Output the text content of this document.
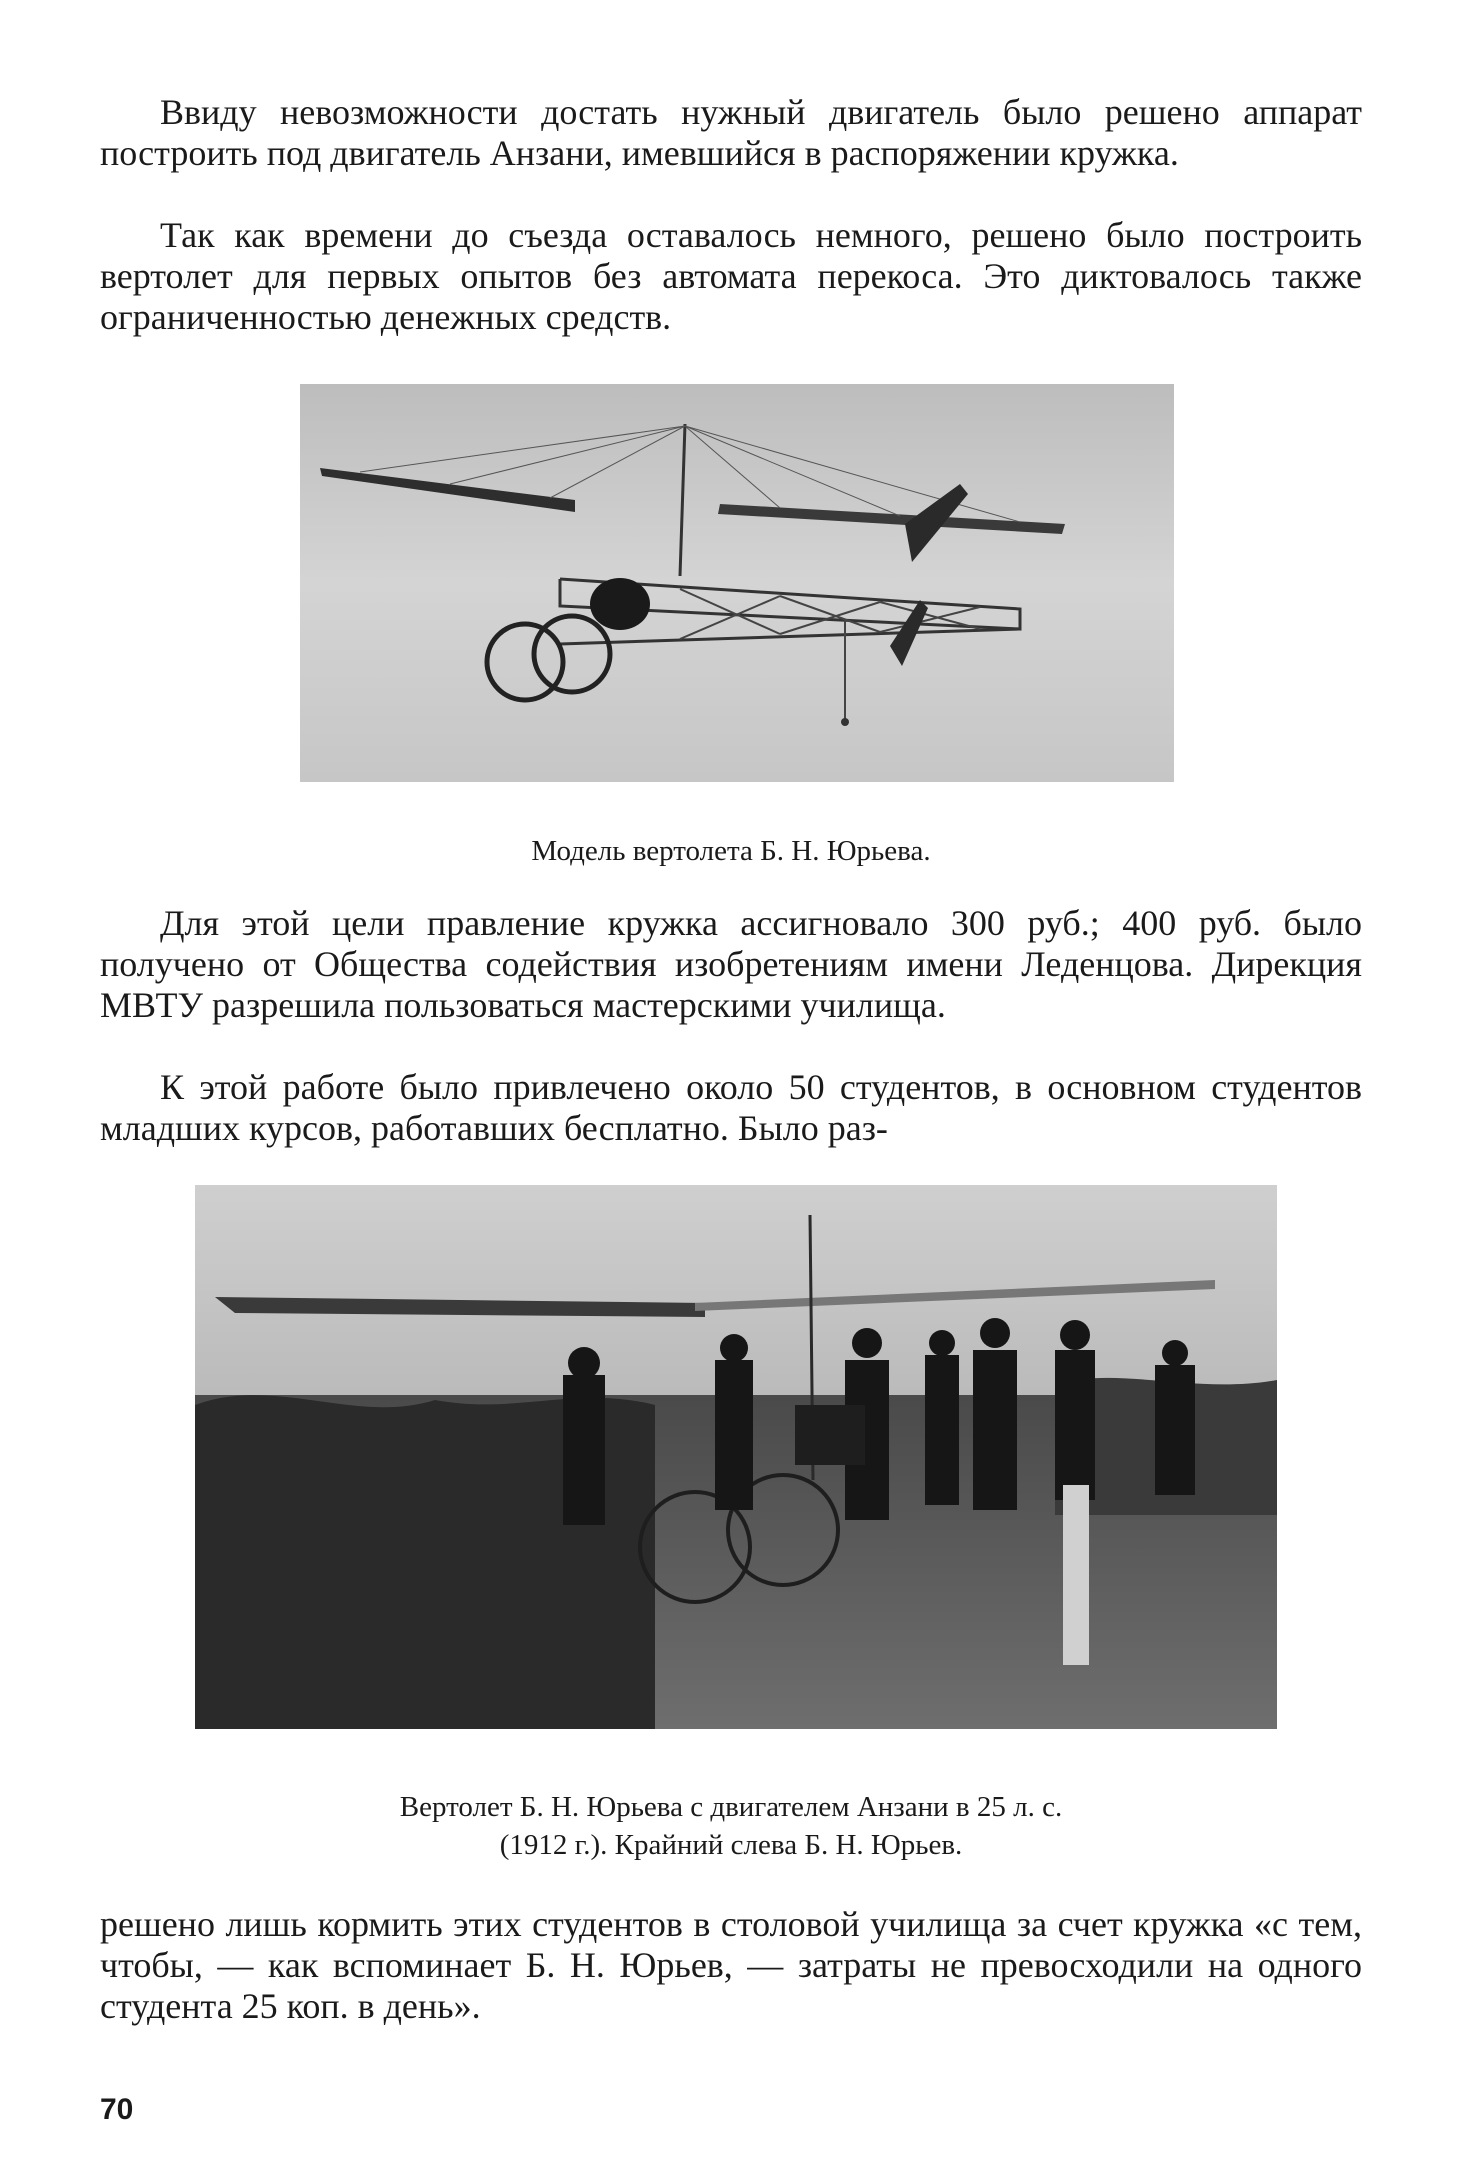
Ввиду невозможности достать нужный двигатель было решено аппарат построить под двигатель Анзани, имевшийся в распоряжении кружка.

Так как времени до съезда оставалось немного, решено было построить вертолет для первых опытов без автомата перекоса. Это диктовалось также ограниченностью денежных средств.

Модель вертолета Б. Н. Юрьева.

Для этой цели правление кружка ассигновало 300 руб.; 400 руб. было получено от Общества содействия изобретениям имени Леденцова. Дирекция МВТУ разрешила пользоваться мастерскими училища.

К этой работе было привлечено около 50 студентов, в основном студентов младших курсов, работавших бесплатно. Было раз-

Вертолет Б. Н. Юрьева с двигателем Анзани в 25 л. с.
(1912 г.). Крайний слева Б. Н. Юрьев.

решено лишь кормить этих студентов в столовой училища за счет кружка «с тем, чтобы, — как вспоминает Б. Н. Юрьев, — затраты не превосходили на одного студента 25 коп. в день».

70
